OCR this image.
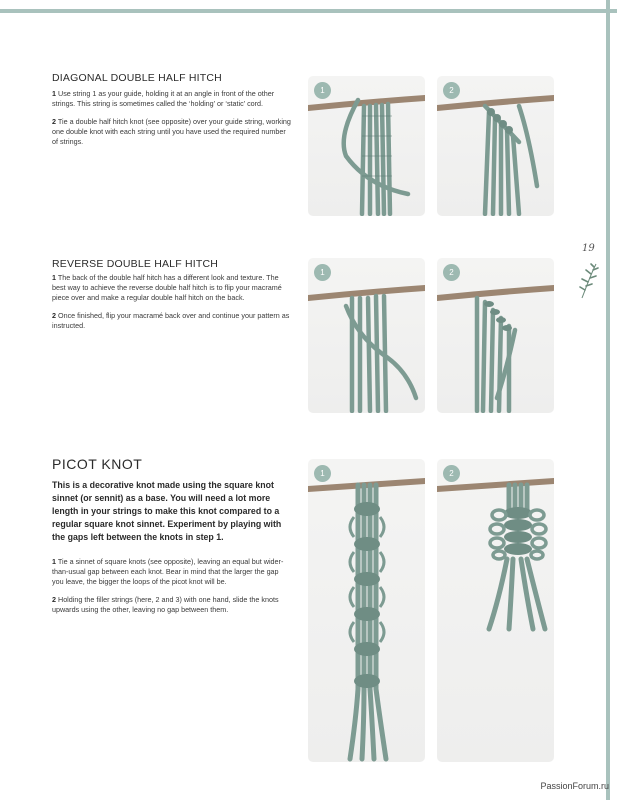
19
DIAGONAL DOUBLE HALF HITCH

1 Use string 1 as your guide, holding it at an angle in front of the other strings. This string is sometimes called the ‘holding’ or ‘static’ cord.

2 Tie a double half hitch knot (see opposite) over your guide string, working one double knot with each string until you have used the required number of strings.

1	2
REVERSE DOUBLE HALF HITCH

1 The back of the double half hitch has a different look and texture. The best way to achieve the reverse double half hitch is to flip your macramé piece over and make a regular double half hitch on the back.

2 Once finished, flip your macramé back over and continue your pattern as instructed.

1	2
PICOT KNOT

This is a decorative knot made using the square knot sinnet (or sennit) as a base. You will need a lot more length in your strings to make this knot compared to a regular square knot sinnet. Experiment by playing with the gaps left between the knots in step 1.

1 Tie a sinnet of square knots (see opposite), leaving an equal but wider-than-usual gap between each knot. Bear in mind that the larger the gap you leave, the bigger the loops of the picot knot will be.

2 Holding the filler strings (here, 2 and 3) with one hand, slide the knots upwards using the other, leaving no gap between them.

1	2
PassionForum.ru
